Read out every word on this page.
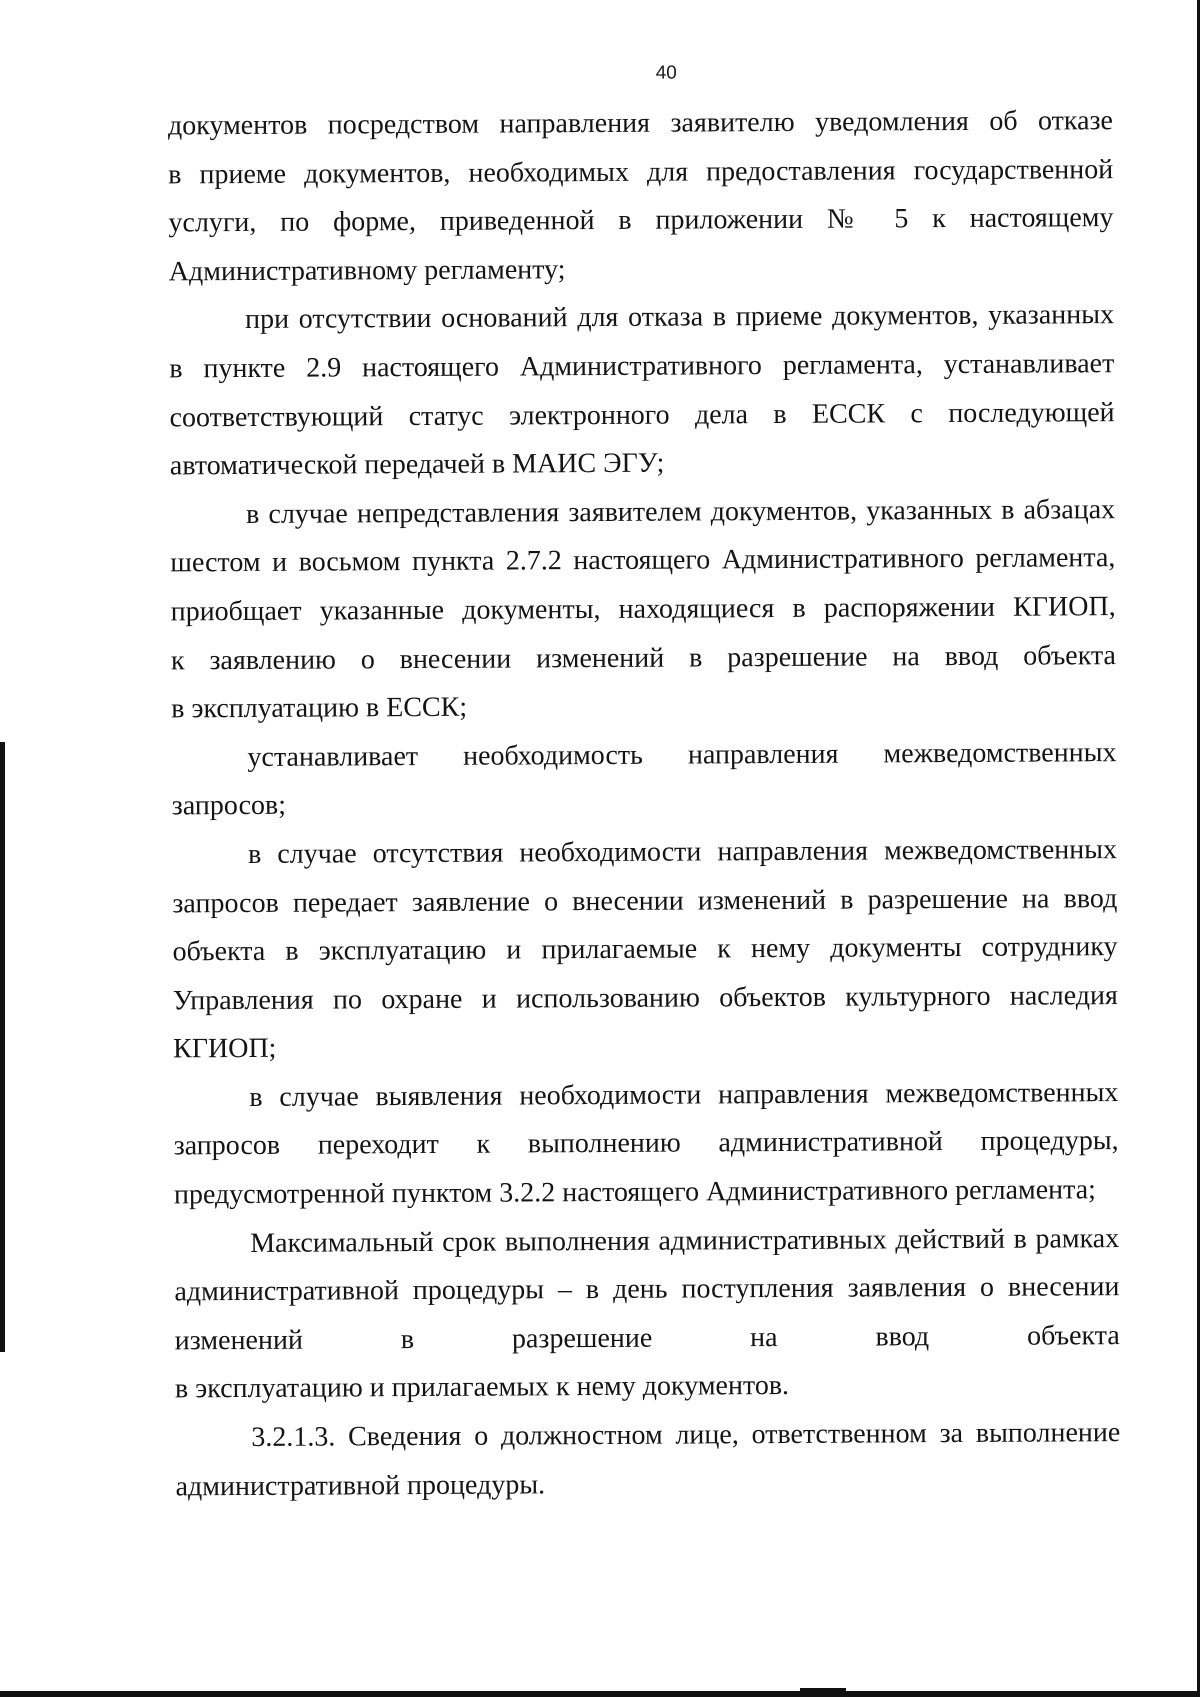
40
документов посредством направления заявителю уведомления об отказе
в приеме документов, необходимых для предоставления государственной
услуги, по форме, приведенной в приложении № 5 к настоящему
Административному регламенту;
при отсутствии оснований для отказа в приеме документов, указанных
в пункте 2.9 настоящего Административного регламента, устанавливает
соответствующий статус электронного дела в ЕССК с последующей
автоматической передачей в МАИС ЭГУ;
в случае непредставления заявителем документов, указанных в абзацах
шестом и восьмом пункта 2.7.2 настоящего Административного регламента,
приобщает указанные документы, находящиеся в распоряжении КГИОП,
к заявлению о внесении изменений в разрешение на ввод объекта
в эксплуатацию в ЕССК;
устанавливает необходимость направления межведомственных
запросов;
в случае отсутствия необходимости направления межведомственных
запросов передает заявление о внесении изменений в разрешение на ввод
объекта в эксплуатацию и прилагаемые к нему документы сотруднику
Управления по охране и использованию объектов культурного наследия
КГИОП;
в случае выявления необходимости направления межведомственных
запросов переходит к выполнению административной процедуры,
предусмотренной пунктом 3.2.2 настоящего Административного регламента;
Максимальный срок выполнения административных действий в рамках
административной процедуры – в день поступления заявления о внесении
изменений в разрешение на ввод объекта
в эксплуатацию и прилагаемых к нему документов.
3.2.1.3. Сведения о должностном лице, ответственном за выполнение
административной процедуры.
